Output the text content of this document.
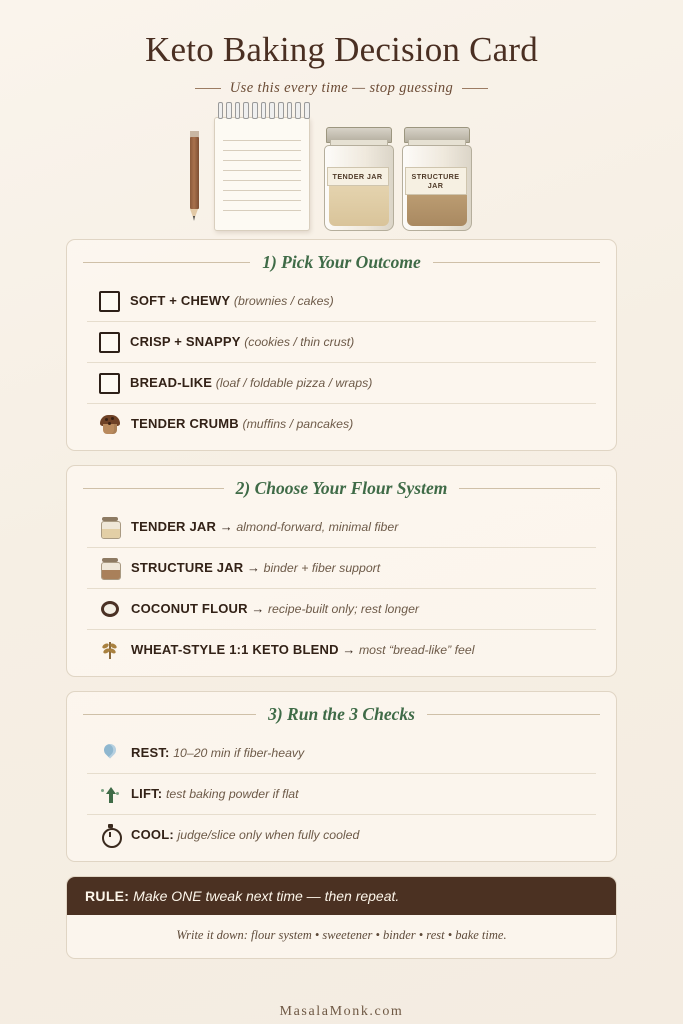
Keto Baking Decision Card
Use this every time — stop guessing
TENDER JAR	STRUCTURE JAR
1) Pick Your Outcome
SOFT + CHEWY (brownies / cakes)
CRISP + SNAPPY (cookies / thin crust)
BREAD-LIKE (loaf / foldable pizza / wraps)
TENDER CRUMB (muffins / pancakes)
2) Choose Your Flour System
TENDER JAR → almond-forward, minimal fiber
STRUCTURE JAR → binder + fiber support
COCONUT FLOUR → recipe-built only; rest longer
WHEAT-STYLE 1:1 KETO BLEND → most “bread-like” feel
3) Run the 3 Checks
REST: 10–20 min if fiber-heavy
LIFT: test baking powder if flat
COOL: judge/slice only when fully cooled
RULE: Make ONE tweak next time — then repeat.
Write it down: flour system • sweetener • binder • rest • bake time.
MasalaMonk.com
